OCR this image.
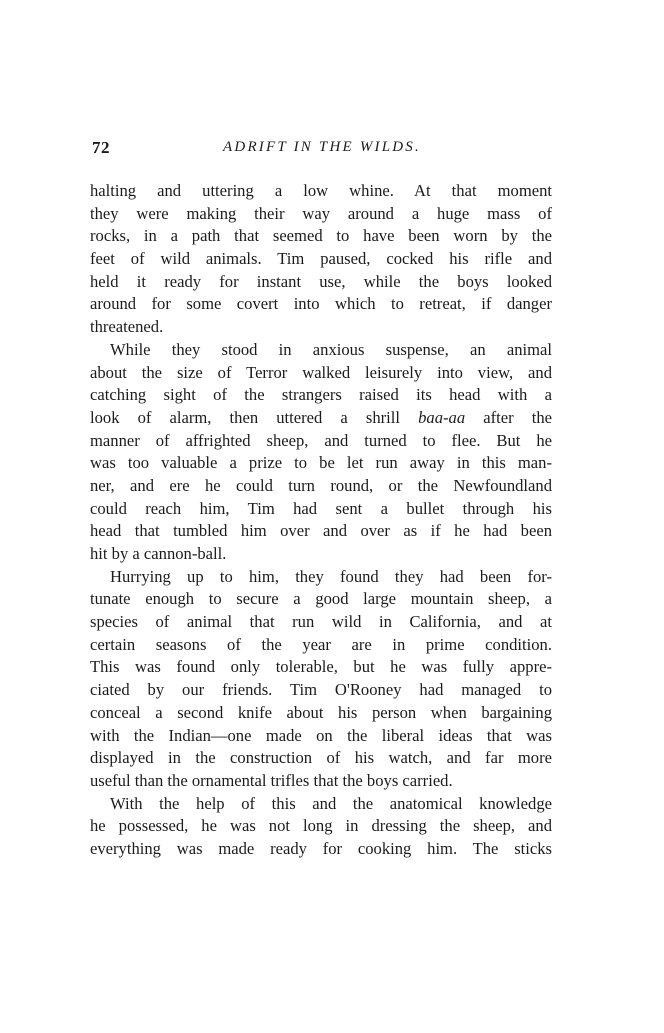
72	ADRIFT IN THE WILDS.
halting and uttering a low whine. At that moment
they were making their way around a huge mass of
rocks, in a path that seemed to have been worn by the
feet of wild animals. Tim paused, cocked his rifle and
held it ready for instant use, while the boys looked
around for some covert into which to retreat, if danger
threatened.
While they stood in anxious suspense, an animal
about the size of Terror walked leisurely into view, and
catching sight of the strangers raised its head with a
look of alarm, then uttered a shrill baa-aa after the
manner of affrighted sheep, and turned to flee. But he
was too valuable a prize to be let run away in this man-
ner, and ere he could turn round, or the Newfoundland
could reach him, Tim had sent a bullet through his
head that tumbled him over and over as if he had been
hit by a cannon-ball.
Hurrying up to him, they found they had been for-
tunate enough to secure a good large mountain sheep, a
species of animal that run wild in California, and at
certain seasons of the year are in prime condition.
This was found only tolerable, but he was fully appre-
ciated by our friends. Tim O'Rooney had managed to
conceal a second knife about his person when bargaining
with the Indian—one made on the liberal ideas that was
displayed in the construction of his watch, and far more
useful than the ornamental trifles that the boys carried.
With the help of this and the anatomical knowledge
he possessed, he was not long in dressing the sheep, and
everything was made ready for cooking him. The sticks
